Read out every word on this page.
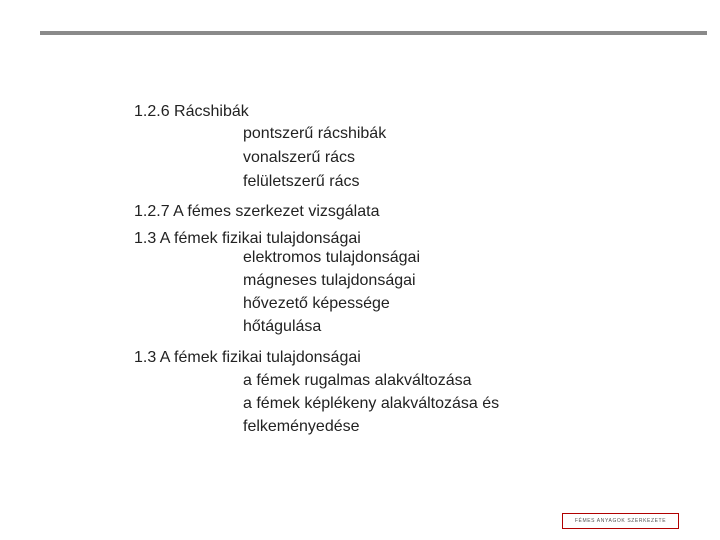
1.2.6 Rácshibák
pontszerű rácshibák
vonalszerű rács
felületszerű rács
1.2.7 A fémes szerkezet vizsgálata
1.3 A fémek fizikai tulajdonságai
elektromos tulajdonságai
mágneses tulajdonságai
hővezető képessége
hőtágulása
1.3 A fémek fizikai tulajdonságai
a fémek rugalmas alakváltozása
a fémek képlékeny alakváltozása és
felkeményedése
FÉMES ANYAGOK SZERKEZETE
